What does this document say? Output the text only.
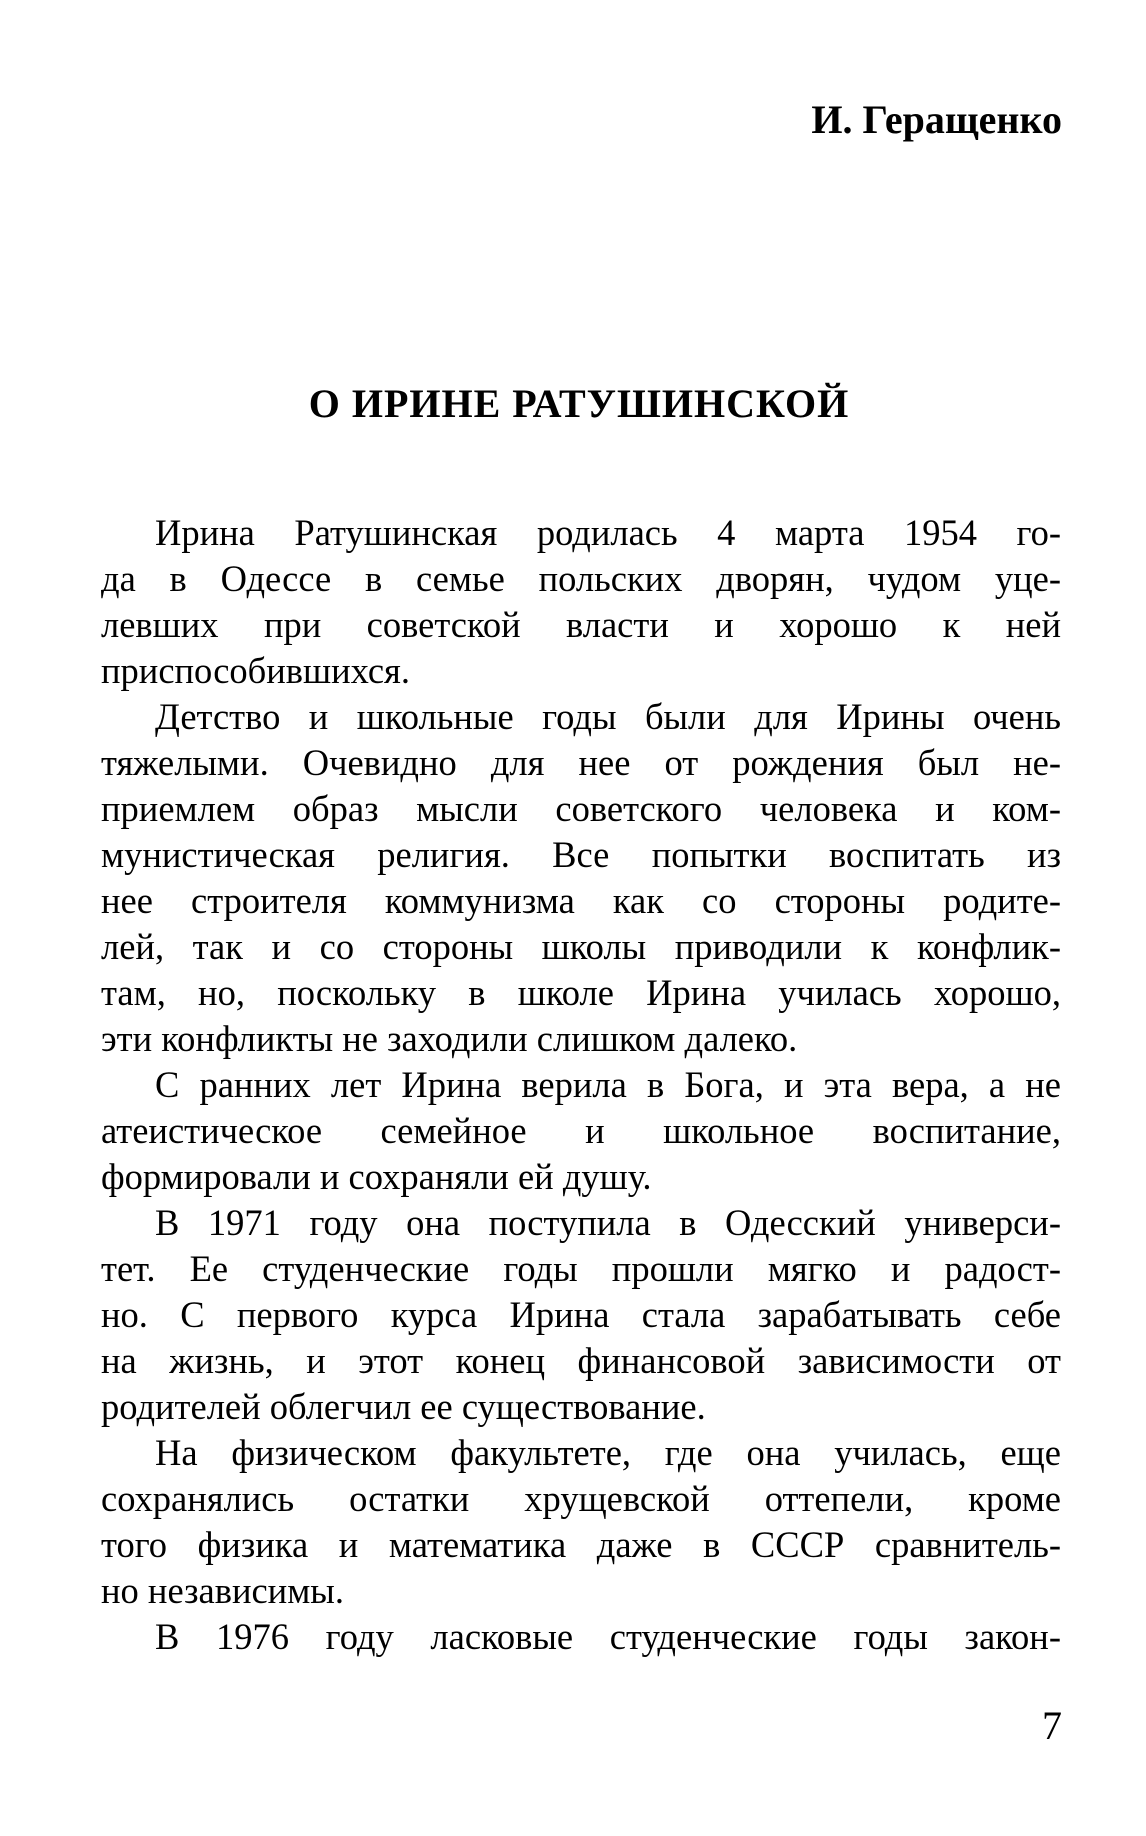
И. Геращенко
О ИРИНЕ РАТУШИНСКОЙ
Ирина Ратушинская родилась 4 марта 1954 го-
да в Одессе в семье польских дворян, чудом уце-
левших при советской власти и хорошо к ней
приспособившихся.
Детство и школьные годы были для Ирины очень
тяжелыми. Очевидно для нее от рождения был не-
приемлем образ мысли советского человека и ком-
мунистическая религия. Все попытки воспитать из
нее строителя коммунизма как со стороны родите-
лей, так и со стороны школы приводили к конфлик-
там, но, поскольку в школе Ирина училась хорошо,
эти конфликты не заходили слишком далеко.
С ранних лет Ирина верила в Бога, и эта вера, а не
атеистическое семейное и школьное воспитание,
формировали и сохраняли ей душу.
В 1971 году она поступила в Одесский универси-
тет. Ее студенческие годы прошли мягко и радост-
но. С первого курса Ирина стала зарабатывать себе
на жизнь, и этот конец финансовой зависимости от
родителей облегчил ее существование.
На физическом факультете, где она училась, еще
сохранялись остатки хрущевской оттепели, кроме
того физика и математика даже в СССР сравнитель-
но независимы.
В 1976 году ласковые студенческие годы закон-
7
